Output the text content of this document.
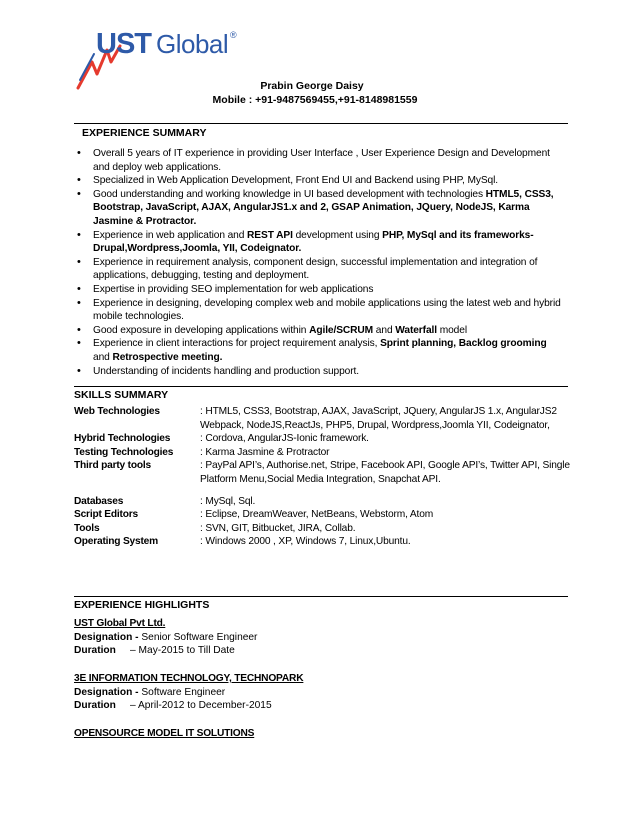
UST Global ®
Prabin George Daisy
Mobile : +91-9487569455,+91-8148981559
EXPERIENCE SUMMARY
• Overall 5 years of IT experience in providing User Interface , User Experience Design and Development and deploy web applications.
• Specialized in Web Application Development, Front End UI and Backend using PHP, MySql.
• Good understanding and working knowledge in UI based development with technologies HTML5, CSS3, Bootstrap, JavaScript, AJAX, AngularJS1.x and 2, GSAP Animation, JQuery, NodeJS, Karma Jasmine & Protractor.
• Experience in web application and REST API development using PHP, MySql and its frameworks- Drupal,Wordpress,Joomla, YII, Codeignator.
• Experience in requirement analysis, component design, successful implementation and integration of applications, debugging, testing and deployment.
• Expertise in providing SEO implementation for web applications
• Experience in designing, developing complex web and mobile applications using the latest web and hybrid mobile technologies.
• Good exposure in developing applications within Agile/SCRUM and Waterfall model
• Experience in client interactions for project requirement analysis, Sprint planning, Backlog grooming and Retrospective meeting.
• Understanding of incidents handling and production support.
SKILLS SUMMARY
Web Technologies	: HTML5, CSS3, Bootstrap, AJAX, JavaScript, JQuery, AngularJS 1.x, AngularJS2 Webpack, NodeJS,ReactJs, PHP5, Drupal, Wordpress,Joomla YII, Codeignator,
Hybrid Technologies	: Cordova, AngularJS-Ionic framework.
Testing Technologies	: Karma Jasmine & Protractor
Third party tools	: PayPal API’s, Authorise.net, Stripe, Facebook API, Google API’s, Twitter API, Single Platform Menu,Social Media Integration, Snapchat API.
Databases	: MySql, Sql.
Script Editors	: Eclipse, DreamWeaver, NetBeans, Webstorm, Atom
Tools	: SVN, GIT, Bitbucket, JIRA, Collab.
Operating System	: Windows 2000 , XP, Windows 7, Linux,Ubuntu.
EXPERIENCE HIGHLIGHTS
UST Global Pvt Ltd.
Designation - Senior Software Engineer
Duration – May-2015 to Till Date
3E INFORMATION TECHNOLOGY, TECHNOPARK
Designation - Software Engineer
Duration – April-2012 to December-2015
OPENSOURCE MODEL IT SOLUTIONS
